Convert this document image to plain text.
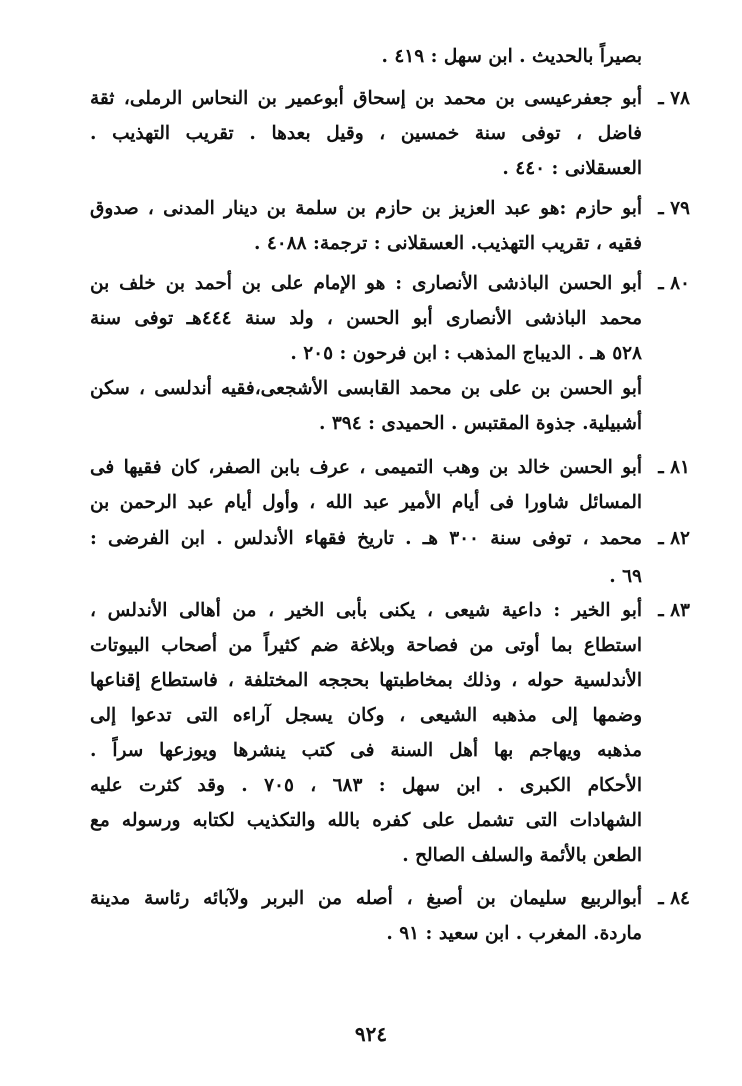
بصيراً بالحديث . ابن سهل : ٤١٩ .
٧٨ ـ
أبو جعفرعيسى بن محمد بن إسحاق أبوعمير بن النحاس الرملى، ثقة
فاضل ، توفى سنة خمسين ، وقيل بعدها . تقريب التهذيب .
العسقلانى : ٤٤٠ .
٧٩ ـ
أبو حازم :هو عبد العزيز بن حازم بن سلمة بن دينار المدنى ، صدوق
فقيه ، تقريب التهذيب. العسقلانى : ترجمة: ٤٠٨٨ .
٨٠ ـ
أبو الحسن الباذشى الأنصارى : هو الإمام على بن أحمد بن خلف بن
محمد الباذشى الأنصارى أبو الحسن ، ولد سنة ٤٤٤هـ توفى سنة
٥٢٨ هـ . الديباج المذهب : ابن فرحون : ٢٠٥ .
أبو الحسن بن على بن محمد القابسى الأشجعى،فقيه أندلسى ، سكن
أشبيلية. جذوة المقتبس . الحميدى : ٣٩٤ .
٨١ ـ
أبو الحسن خالد بن وهب التميمى ، عرف بابن الصفر، كان فقيها فى
المسائل شاورا فى أيام الأمير عبد الله ، وأول أيام عبد الرحمن بن
٨٢ ـ
محمد ، توفى سنة ٣٠٠ هـ . تاريخ فقهاء الأندلس . ابن الفرضى :
٦٩ .
٨٣ ـ
أبو الخير : داعية شيعى ، يكنى بأبى الخير ، من أهالى الأندلس ،
استطاع بما أوتى من فصاحة وبلاغة ضم كثيراً من أصحاب البيوتات
الأندلسية حوله ، وذلك بمخاطبتها بحججه المختلفة ، فاستطاع إقناعها
وضمها إلى مذهبه الشيعى ، وكان يسجل آراءه التى تدعوا إلى
مذهبه ويهاجم بها أهل السنة فى كتب ينشرها ويوزعها سراً .
الأحكام الكبرى . ابن سهل : ٦٨٣ ، ٧٠٥ . وقد كثرت عليه
الشهادات التى تشمل على كفره بالله والتكذيب لكتابه ورسوله مع
الطعن بالأئمة والسلف الصالح .
٨٤ ـ
أبوالربيع سليمان بن أصبغ ، أصله من البربر ولآبائه رئاسة مدينة
ماردة. المغرب . ابن سعيد : ٩١ .
٩٢٤
